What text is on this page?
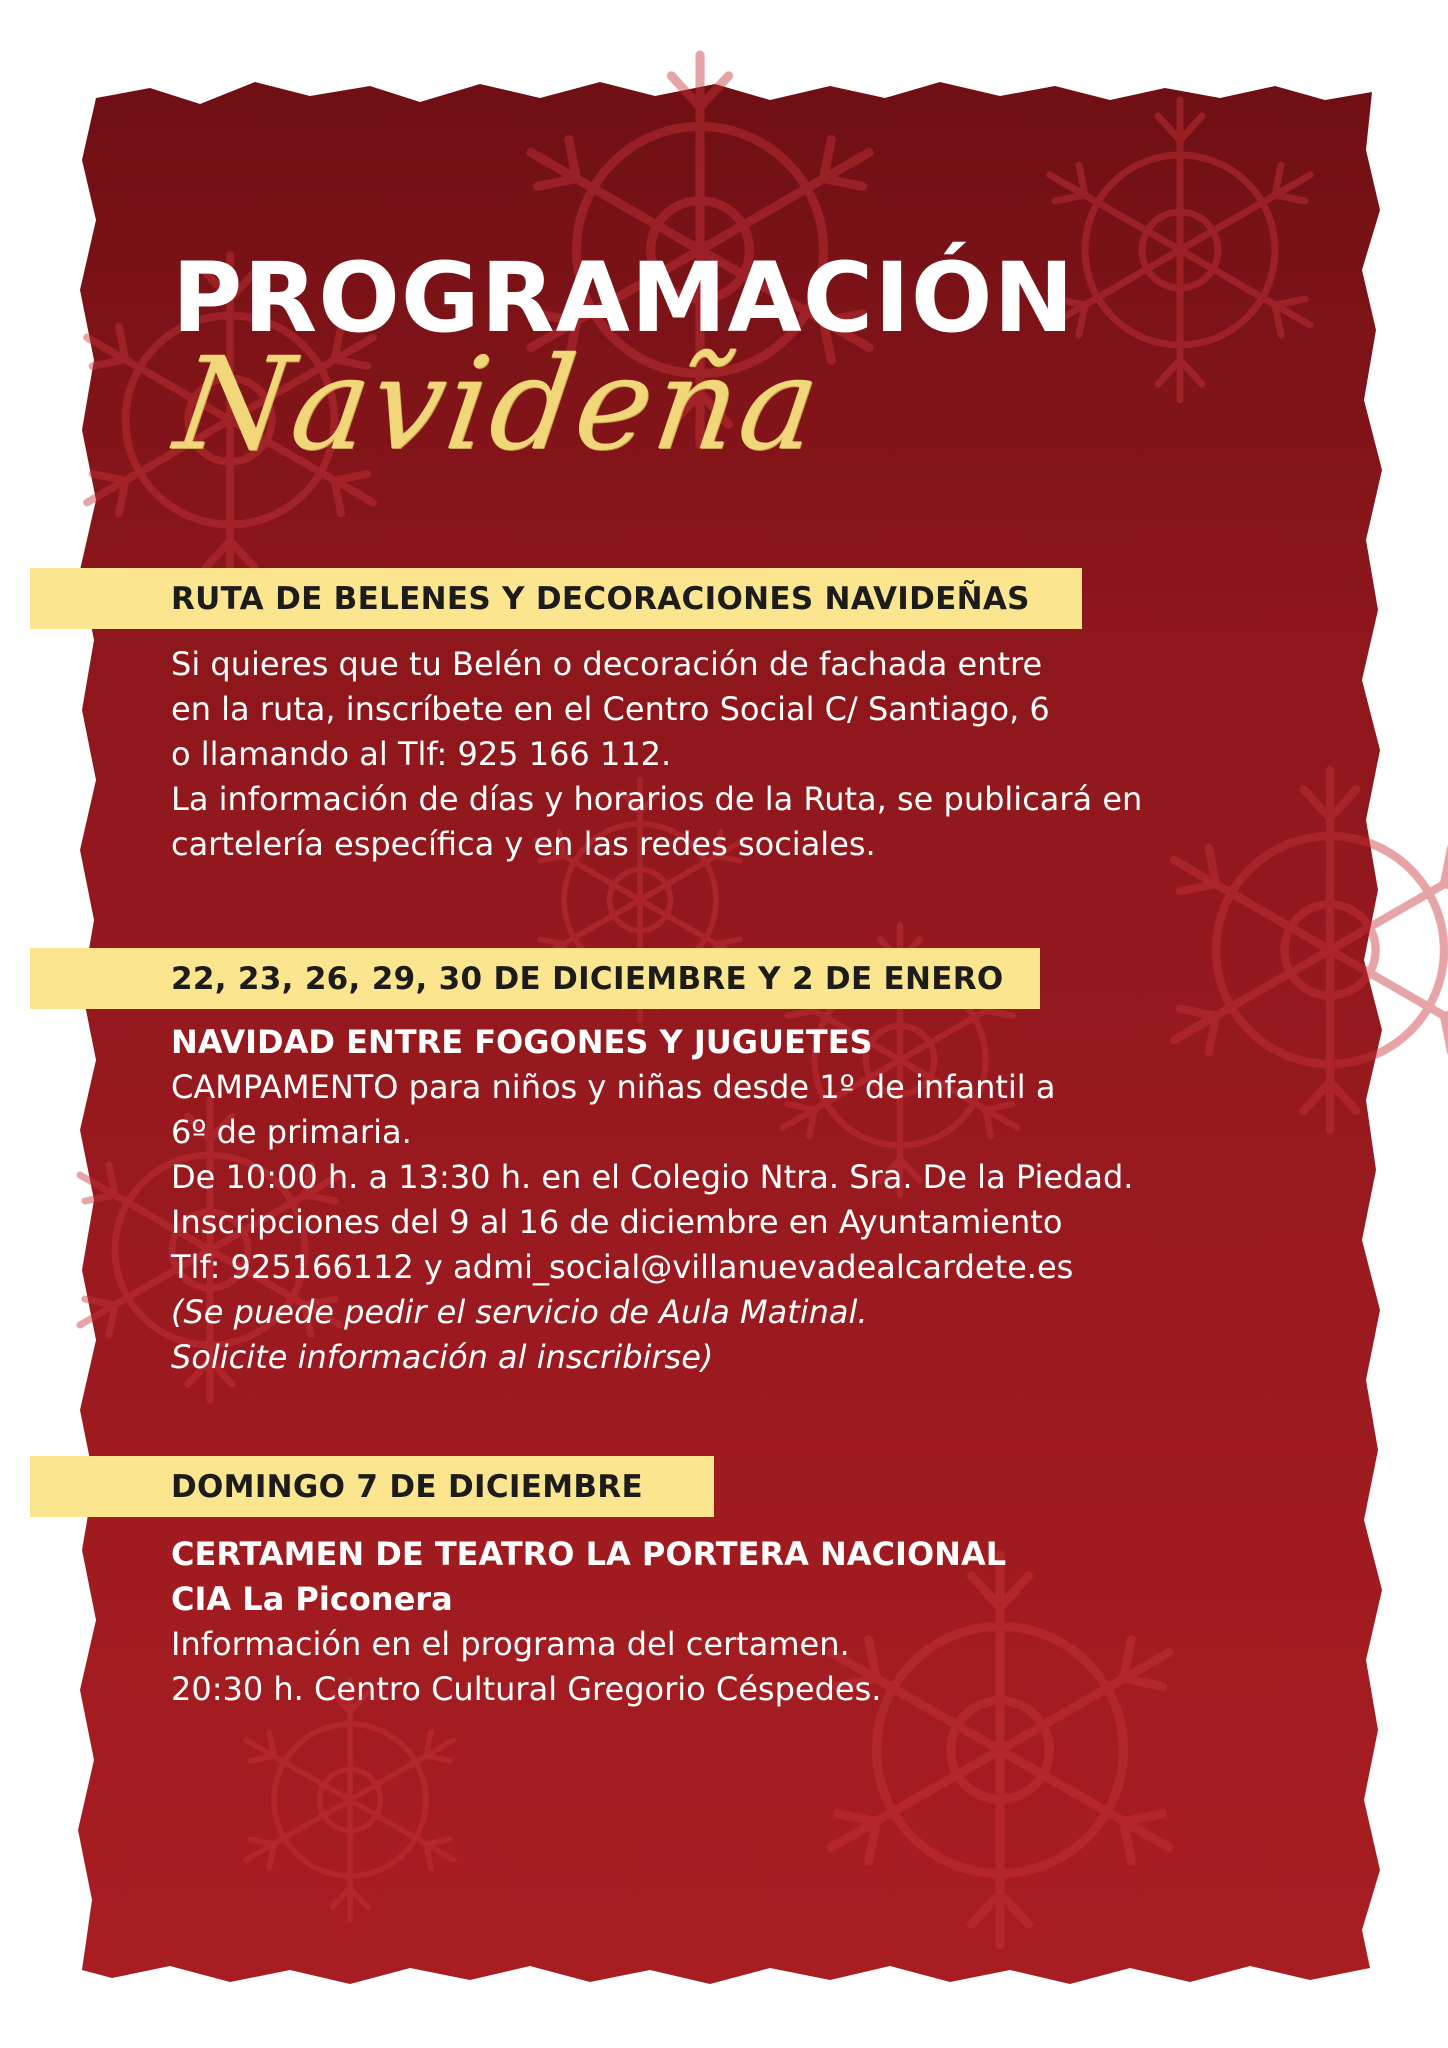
PROGRAMACIÓN
Navideña
RUTA DE BELENES Y DECORACIONES NAVIDEÑAS
Si quieres que tu Belén o decoración de fachada entre
en la ruta, inscríbete en el Centro Social C/ Santiago, 6
o llamando al Tlf: 925 166 112.
La información de días y horarios de la Ruta, se publicará en
cartelería específica y en las redes sociales.
22, 23, 26, 29, 30 DE DICIEMBRE Y 2 DE ENERO
NAVIDAD ENTRE FOGONES Y JUGUETES
CAMPAMENTO para niños y niñas desde 1º de infantil a
6º de primaria.
De 10:00 h. a 13:30 h. en el Colegio Ntra. Sra. De la Piedad.
Inscripciones del 9 al 16 de diciembre en Ayuntamiento
Tlf: 925166112 y admi_social@villanuevadealcardete.es
(Se puede pedir el servicio de Aula Matinal.
Solicite información al inscribirse)
DOMINGO 7 DE DICIEMBRE
CERTAMEN DE TEATRO LA PORTERA NACIONAL
CIA La Piconera
Información en el programa del certamen.
20:30 h. Centro Cultural Gregorio Céspedes.
